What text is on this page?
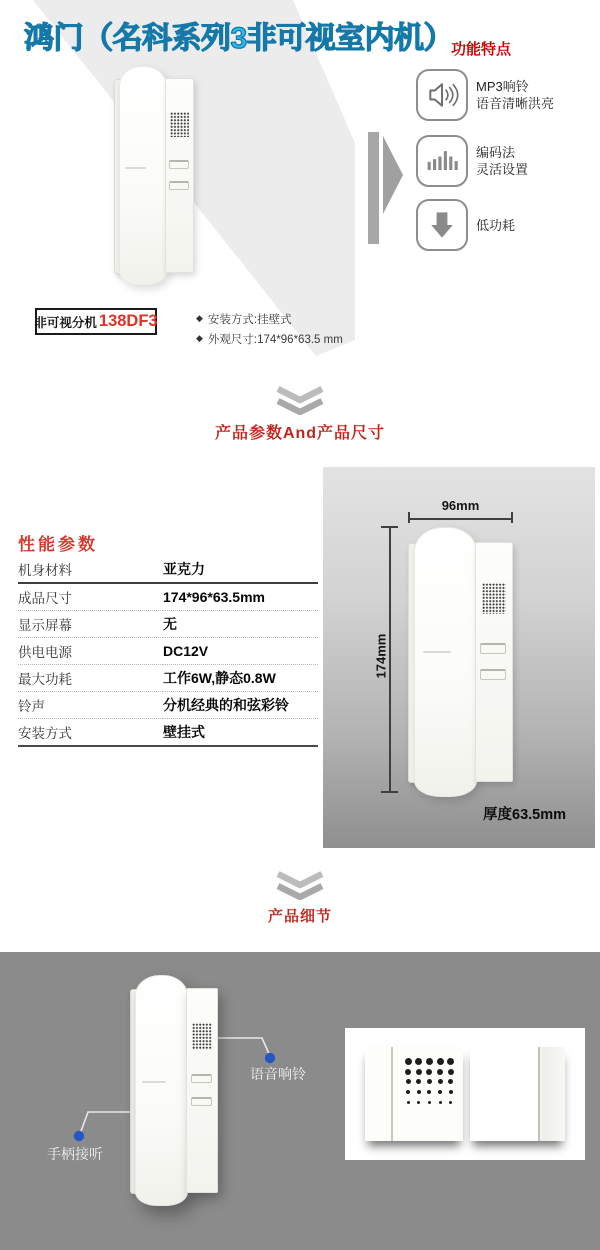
鸿门（名科系列3非可视室内机）
功能特点
MP3响铃
语音清晰洪亮
编码法
灵活设置
低功耗
非可视分机 138DF3	◆ 安装方式:挂壁式
◆ 外观尺寸:174*96*63.5 mm
产品参数And产品尺寸
性能参数
机身材料	亚克力
成品尺寸	174*96*63.5mm
显示屏幕	无
供电电源	DC12V
最大功耗	工作6W,静态0.8W
铃声	分机经典的和弦彩铃
安装方式	壁挂式
96mm
174mm
厚度63.5mm
产品细节
语音响铃
手柄接听
